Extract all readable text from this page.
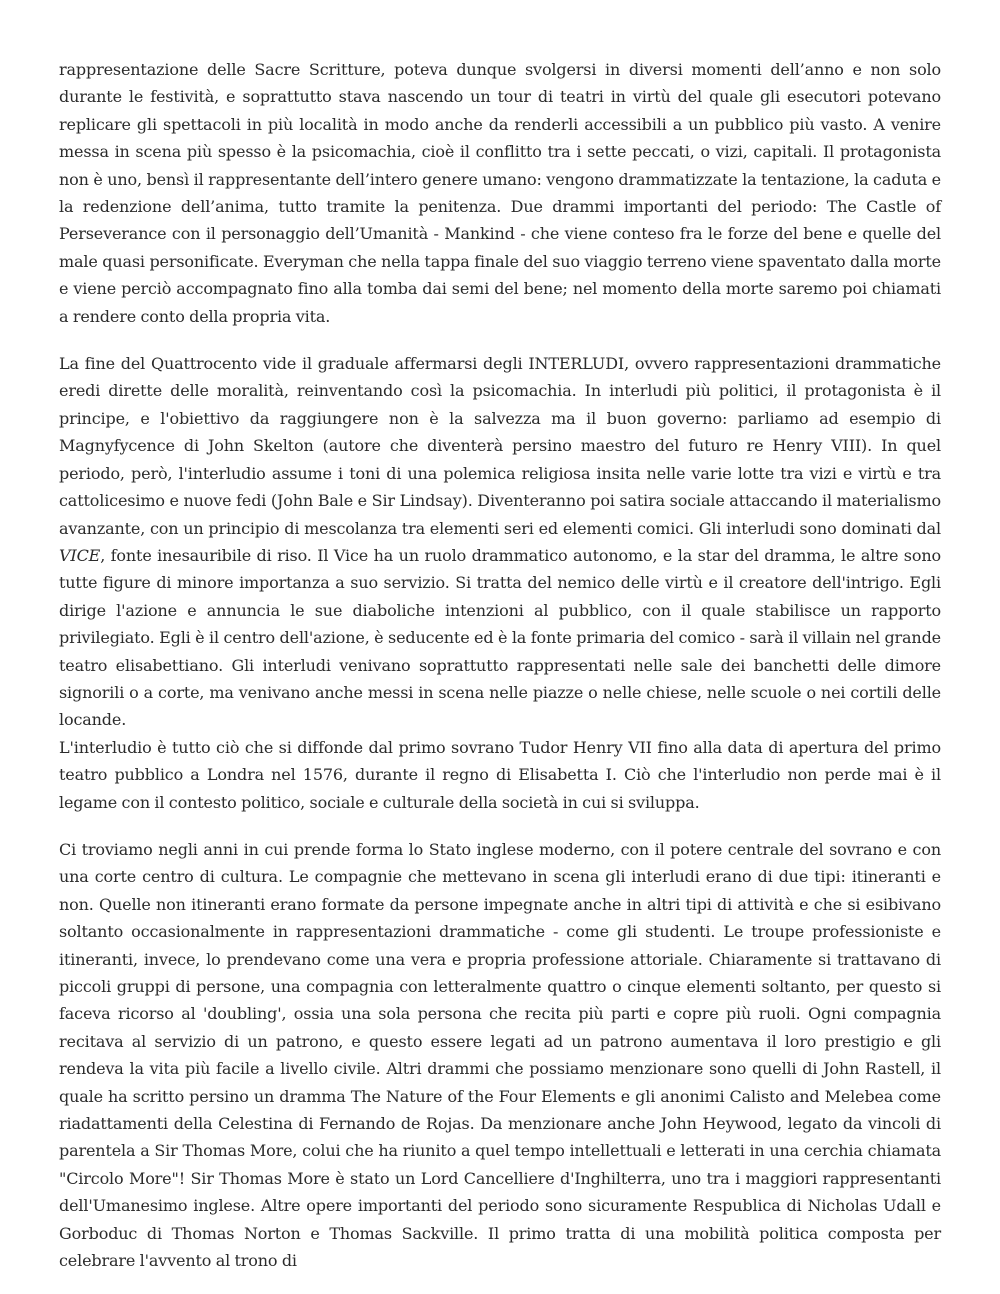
rappresentazione delle Sacre Scritture, poteva dunque svolgersi in diversi momenti dell’anno e non solo durante le festività, e soprattutto stava nascendo un tour di teatri in virtù del quale gli esecutori potevano replicare gli spettacoli in più località in modo anche da renderli accessibili a un pubblico più vasto. A venire messa in scena più spesso è la psicomachia, cioè il conflitto tra i sette peccati, o vizi, capitali. Il protagonista non è uno, bensì il rappresentante dell’intero genere umano: vengono drammatizzate la tentazione, la caduta e la redenzione dell’anima, tutto tramite la penitenza. Due drammi importanti del periodo: The Castle of Perseverance con il personaggio dell’Umanità - Mankind - che viene conteso fra le forze del bene e quelle del male quasi personificate. Everyman che nella tappa finale del suo viaggio terreno viene spaventato dalla morte e viene perciò accompagnato fino alla tomba dai semi del bene; nel momento della morte saremo poi chiamati a rendere conto della propria vita.

La fine del Quattrocento vide il graduale affermarsi degli INTERLUDI, ovvero rappresentazioni drammatiche eredi dirette delle moralità, reinventando così la psicomachia. In interludi più politici, il protagonista è il principe, e l'obiettivo da raggiungere non è la salvezza ma il buon governo: parliamo ad esempio di Magnyfycence di John Skelton (autore che diventerà persino maestro del futuro re Henry VIII). In quel periodo, però, l'interludio assume i toni di una polemica religiosa insita nelle varie lotte tra vizi e virtù e tra cattolicesimo e nuove fedi (John Bale e Sir Lindsay). Diventeranno poi satira sociale attaccando il materialismo avanzante, con un principio di mescolanza tra elementi seri ed elementi comici. Gli interludi sono dominati dal VICE, fonte inesauribile di riso. Il Vice ha un ruolo drammatico autonomo, e la star del dramma, le altre sono tutte figure di minore importanza a suo servizio. Si tratta del nemico delle virtù e il creatore dell'intrigo. Egli dirige l'azione e annuncia le sue diaboliche intenzioni al pubblico, con il quale stabilisce un rapporto privilegiato. Egli è il centro dell'azione, è seducente ed è la fonte primaria del comico - sarà il villain nel grande teatro elisabettiano. Gli interludi venivano soprattutto rappresentati nelle sale dei banchetti delle dimore signorili o a corte, ma venivano anche messi in scena nelle piazze o nelle chiese, nelle scuole o nei cortili delle locande.
L'interludio è tutto ciò che si diffonde dal primo sovrano Tudor Henry VII fino alla data di apertura del primo teatro pubblico a Londra nel 1576, durante il regno di Elisabetta I. Ciò che l'interludio non perde mai è il legame con il contesto politico, sociale e culturale della società in cui si sviluppa.

Ci troviamo negli anni in cui prende forma lo Stato inglese moderno, con il potere centrale del sovrano e con una corte centro di cultura. Le compagnie che mettevano in scena gli interludi erano di due tipi: itineranti e non. Quelle non itineranti erano formate da persone impegnate anche in altri tipi di attività e che si esibivano soltanto occasionalmente in rappresentazioni drammatiche - come gli studenti. Le troupe professioniste e itineranti, invece, lo prendevano come una vera e propria professione attoriale. Chiaramente si trattavano di piccoli gruppi di persone, una compagnia con letteralmente quattro o cinque elementi soltanto, per questo si faceva ricorso al 'doubling', ossia una sola persona che recita più parti e copre più ruoli. Ogni compagnia recitava al servizio di un patrono, e questo essere legati ad un patrono aumentava il loro prestigio e gli rendeva la vita più facile a livello civile. Altri drammi che possiamo menzionare sono quelli di John Rastell, il quale ha scritto persino un dramma The Nature of the Four Elements e gli anonimi Calisto and Melebea come riadattamenti della Celestina di Fernando de Rojas. Da menzionare anche John Heywood, legato da vincoli di parentela a Sir Thomas More, colui che ha riunito a quel tempo intellettuali e letterati in una cerchia chiamata "Circolo More"! Sir Thomas More è stato un Lord Cancelliere d'Inghilterra, uno tra i maggiori rappresentanti dell'Umanesimo inglese. Altre opere importanti del periodo sono sicuramente Respublica di Nicholas Udall e Gorboduc di Thomas Norton e Thomas Sackville. Il primo tratta di una mobilità politica composta per celebrare l'avvento al trono di
